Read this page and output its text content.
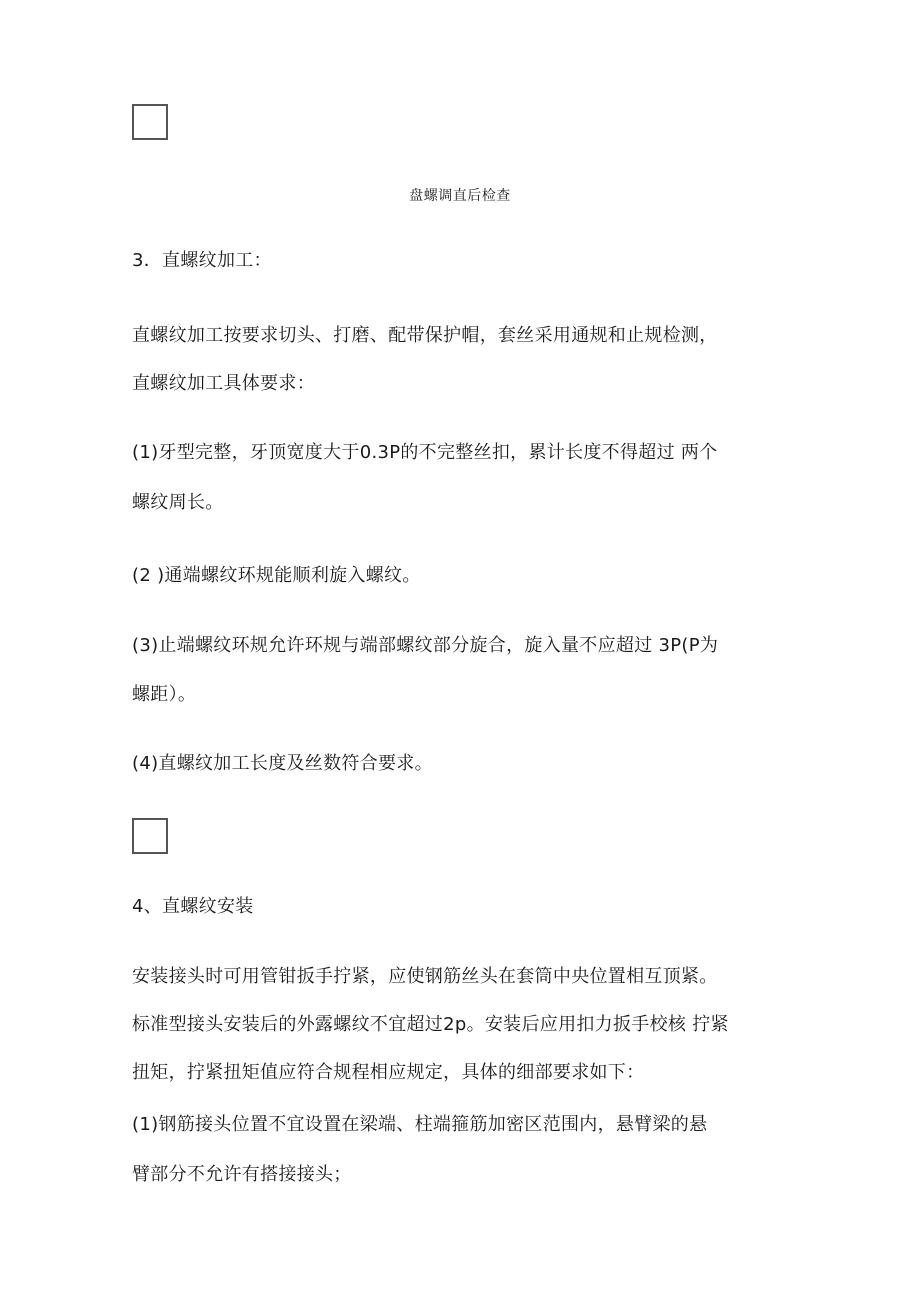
盘螺调直后检查
3．直螺纹加工：
直螺纹加工按要求切头、打磨、配带保护帽，套丝采用通规和止规检测，
直螺纹加工具体要求：
(1)牙型完整，牙顶宽度大于0.3P的不完整丝扣，累计长度不得超过 两个
螺纹周长。
(2 )通端螺纹环规能顺利旋入螺纹。
(3)止端螺纹环规允许环规与端部螺纹部分旋合，旋入量不应超过 3P(P为
螺距）。
(4)直螺纹加工长度及丝数符合要求。
4、直螺纹安装
安装接头时可用管钳扳手拧紧，应使钢筋丝头在套筒中央位置相互顶紧。
标准型接头安装后的外露螺纹不宜超过2p。安装后应用扣力扳手校核 拧紧
扭矩，拧紧扭矩值应符合规程相应规定，具体的细部要求如下：
(1)钢筋接头位置不宜设置在梁端、柱端箍筋加密区范围内，悬臂梁的悬
臂部分不允许有搭接接头；
